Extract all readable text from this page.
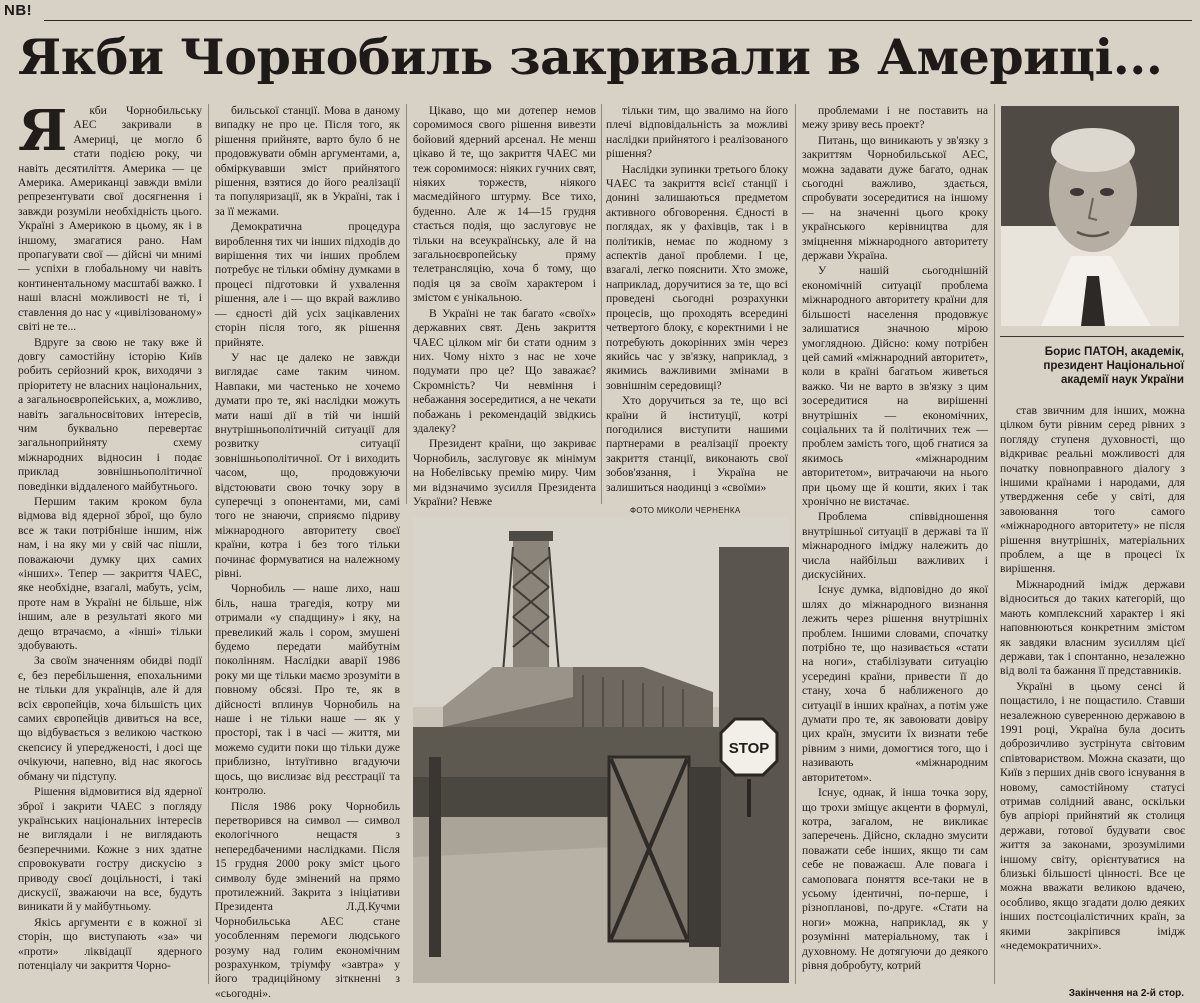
NB!
Якби Чорнобиль закривали в Америці...
Я	кби Чорнобильську АЕС закривали в Америці, це могло б стати подією року, чи навіть десятиліття. Америка — це Америка. Американці завжди вміли репрезентувати свої досягнення і завжди розуміли необхідність цього. Україні з Америкою в цьому, як і в іншому, змагатися рано. Нам пропагувати свої — дійсні чи мнимі — успіхи в глобальному чи навіть континентальному масштабі важко. І наші власні можливості не ті, і ставлення до нас у «цивілізованому» світі не те...

Вдруге за свою не таку вже й довгу самостійну історію Київ робить серйозний крок, виходячи з пріоритету не власних національних, а загальноєвропейських, а, можливо, навіть загальносвітових інтересів, чим буквально перевертає загальноприйняту схему міжнародних відносин і подає приклад зовнішньополітичної поведінки віддаленого майбутнього.

Першим таким кроком була відмова від ядерної зброї, що було все ж таки потрібніше іншим, ніж нам, і на яку ми у свій час пішли, поважаючи думку цих самих «інших». Тепер — закриття ЧАЕС, яке необхідне, взагалі, мабуть, усім, проте нам в Україні не більше, ніж іншим, але в результаті якого ми дещо втрачаємо, а «інші» тільки здобувають.

За своїм значенням обидві події є, без перебільшення, епохальними не тільки для українців, але й для всіх європейців, хоча більшість цих самих європейців дивиться на все, що відбувається з великою часткою скепсису й упередженості, і досі ще очікуючи, напевно, від нас якогось обману чи підступу.

Рішення відмовитися від ядерної зброї і закрити ЧАЕС з погляду українських національних інтересів не виглядали і не виглядають безперечними. Кожне з них здатне спровокувати гостру дискусію з приводу своєї доцільності, і такі дискусії, зважаючи на все, будуть виникати й у майбутньому.

Якісь аргументи є в кожної зі сторін, що виступають «за» чи «проти» ліквідації ядерного потенціалу чи закриття Чорно-

бильської станції. Мова в даному випадку не про це. Після того, як рішення прийняте, варто було б не продовжувати обмін аргументами, а, обміркувавши зміст прийнятого рішення, взятися до його реалізації та популяризації, як в Україні, так і за її межами.

Демократична процедура вироблення тих чи інших підходів до вирішення тих чи інших проблем потребує не тільки обміну думками в процесі підготовки й ухвалення рішення, але і — що вкрай важливо — єдності дій усіх зацікавлених сторін після того, як рішення прийняте.

У нас це далеко не завжди виглядає саме таким чином. Навпаки, ми частенько не хочемо думати про те, які наслідки можуть мати наші дії в тій чи іншій внутрішньополітичній ситуації для розвитку ситуації зовнішньополітичної. От і виходить часом, що, продовжуючи відстоювати свою точку зору в суперечці з опонентами, ми, самі того не знаючи, сприяємо підриву міжнародного авторитету своєї країни, котра і без того тільки починає формуватися на належному рівні.

Чорнобиль — наше лихо, наш біль, наша трагедія, котру ми отримали «у спадщину» і яку, на превеликий жаль і сором, змушені будемо передати майбутнім поколінням. Наслідки аварії 1986 року ми ще тільки маємо зрозуміти в повному обсязі. Про те, як в дійсності вплинув Чорнобиль на наше і не тільки наше — як у просторі, так і в часі — життя, ми можемо судити поки що тільки дуже приблизно, інтуїтивно вгадуючи щось, що вислизає від реєстрації та контролю.

Після 1986 року Чорнобиль перетворився на символ — символ екологічного нещастя з непередбаченими наслідками. Після 15 грудня 2000 року зміст цього символу буде змінений на прямо протилежний. Закрита з ініціативи Президента Л.Д.Кучми Чорнобильська АЕС стане уособленням перемоги людського розуму над голим економічним розрахунком, тріумфу «завтра» у його традиційному зіткненні з «сьогодні».

Цікаво, що ми дотепер немов соромимося свого рішення вивезти бойовий ядерний арсенал. Не менш цікаво й те, що закриття ЧАЕС ми теж соромимося: ніяких гучних свят, ніяких торжеств, ніякого масмедійного штурму. Все тихо, буденно. Але ж 14—15 грудня стається подія, що заслуговує не тільки на всеукраїнську, але й на загальноєвропейську пряму телетрансляцію, хоча б тому, що подія ця за своїм характером і змістом є унікальною.

В Україні не так багато «своїх» державних свят. День закриття ЧАЕС цілком міг би стати одним з них. Чому ніхто з нас не хоче подумати про це? Що заважає? Скромність? Чи невміння і небажання зосередитися, а не чекати побажань і рекомендацій звідкись здалеку?

Президент країни, що закриває Чорнобиль, заслуговує як мінімум на Нобелівську премію миру. Чим ми відзначимо зусилля Президента України? Невже

тільки тим, що звалимо на його плечі відповідальність за можливі наслідки прийнятого і реалізованого рішення?

Наслідки зупинки третього блоку ЧАЕС та закриття всієї станції і донині залишаються предметом активного обговорення. Єдності в поглядах, як у фахівців, так і в політиків, немає по жодному з аспектів даної проблеми. І це, взагалі, легко пояснити. Хто зможе, наприклад, доручитися за те, що всі проведені сьогодні розрахунки процесів, що проходять всередині четвертого блоку, є коректними і не потребують докорінних змін через якийсь час у зв'язку, наприклад, з якимись важливими змінами в зовнішнім середовищі?

Хто доручиться за те, що всі країни й інституції, котрі погодилися виступити нашими партнерами в реалізації проекту закриття станції, виконають свої зобов'язання, і Україна не залишиться наодинці з «своїми»

ФОТО МИКОЛИ ЧЕРНЕНКА
STOP

проблемами і не поставить на межу зриву весь проект?

Питань, що виникають у зв'язку з закриттям Чорнобильської АЕС, можна задавати дуже багато, однак сьогодні важливо, здається, спробувати зосередитися на іншому — на значенні цього кроку українського керівництва для зміцнення міжнародного авторитету держави Україна.

У нашій сьогоднішній економічній ситуації проблема міжнародного авторитету країни для більшості населення продовжує залишатися значною мірою умоглядною. Дійсно: кому потрібен цей самий «міжнародний авторитет», коли в країні багатьом живеться важко. Чи не варто в зв'язку з цим зосередитися на вирішенні внутрішніх — економічних, соціальних та й політичних теж — проблем замість того, щоб гнатися за якимось «міжнародним авторитетом», витрачаючи на нього при цьому ще й кошти, яких і так хронічно не вистачає.

Проблема співвідношення внутрішньої ситуації в державі та її міжнародного іміджу належить до числа найбільш важливих і дискусійних.

Існує думка, відповідно до якої шлях до міжнародного визнання лежить через рішення внутрішніх проблем. Іншими словами, спочатку потрібно те, що називається «стати на ноги», стабілізувати ситуацію усередині країни, привести її до стану, хоча б наближеного до ситуації в інших країнах, а потім уже думати про те, як завоювати довіру цих країн, змусити їх визнати тебе рівним з ними, домогтися того, що і називають «міжнародним авторитетом».

Існує, однак, й інша точка зору, що трохи зміщує акценти в формулі, котра, загалом, не викликає заперечень. Дійсно, складно змусити поважати себе інших, якщо ти сам себе не поважаєш. Але повага і самоповага поняття все-таки не в усьому ідентичні, по-перше, і різнопланові, по-друге. «Стати на ноги» можна, наприклад, як у розумінні матеріальному, так і духовному. Не дотягуючи до деякого рівня добробуту, котрий

Борис ПАТОН, академік, президент Національної академії наук України

став звичним для інших, можна цілком бути рівним серед рівних з погляду ступеня духовності, що відкриває реальні можливості для початку повноправного діалогу з іншими країнами і народами, для утвердження себе у світі, для завоювання того самого «міжнародного авторитету» не після рішення внутрішніх, матеріальних проблем, а ще в процесі їх вирішення.

Міжнародний імідж держави відноситься до таких категорій, що мають комплексний характер і які наповнюються конкретним змістом як завдяки власним зусиллям цієї держави, так і спонтанно, незалежно від волі та бажання її представників.

Україні в цьому сенсі й пощастило, і не пощастило. Ставши незалежною суверенною державою в 1991 році, Україна була досить доброзичливо зустрінута світовим співтовариством. Можна сказати, що Київ з перших днів свого існування в новому, самостійному статусі отримав солідний аванс, оскільки був апріорі прийнятий як столиця держави, готової будувати своє життя за законами, зрозумілими іншому світу, орієнтуватися на близькі більшості цінності. Все це можна вважати великою вдачею, особливо, якщо згадати долю деяких інших постсоціалістичних країн, за якими закріпився імідж «недемократичних».

Закінчення на 2-й стор.
